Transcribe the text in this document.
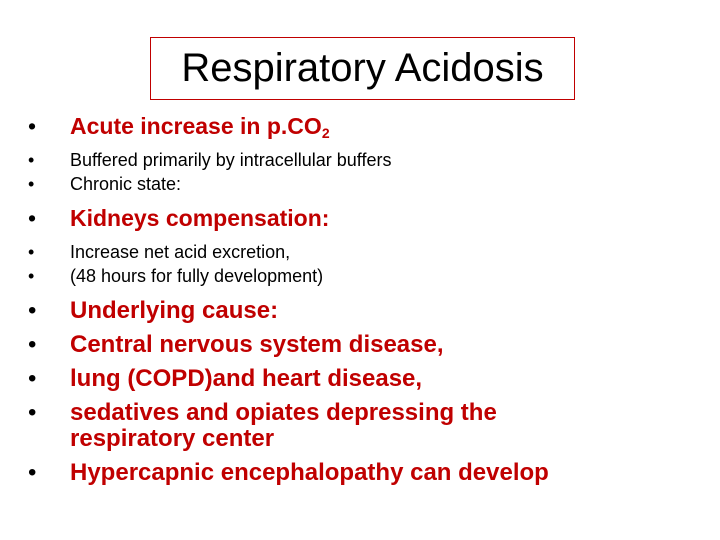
Respiratory Acidosis
•	Acute increase in $p.CO_2$
•	Buffered primarily by intracellular buffers
•	Chronic state:
•	Kidneys compensation:
•	Increase net acid excretion,
•	(48 hours for fully development)
•	Underlying cause:
•	Central nervous system disease,
•	lung (COPD)and heart disease,
•	sedatives and opiates depressing the
respiratory center
•	Hypercapnic encephalopathy can develop
